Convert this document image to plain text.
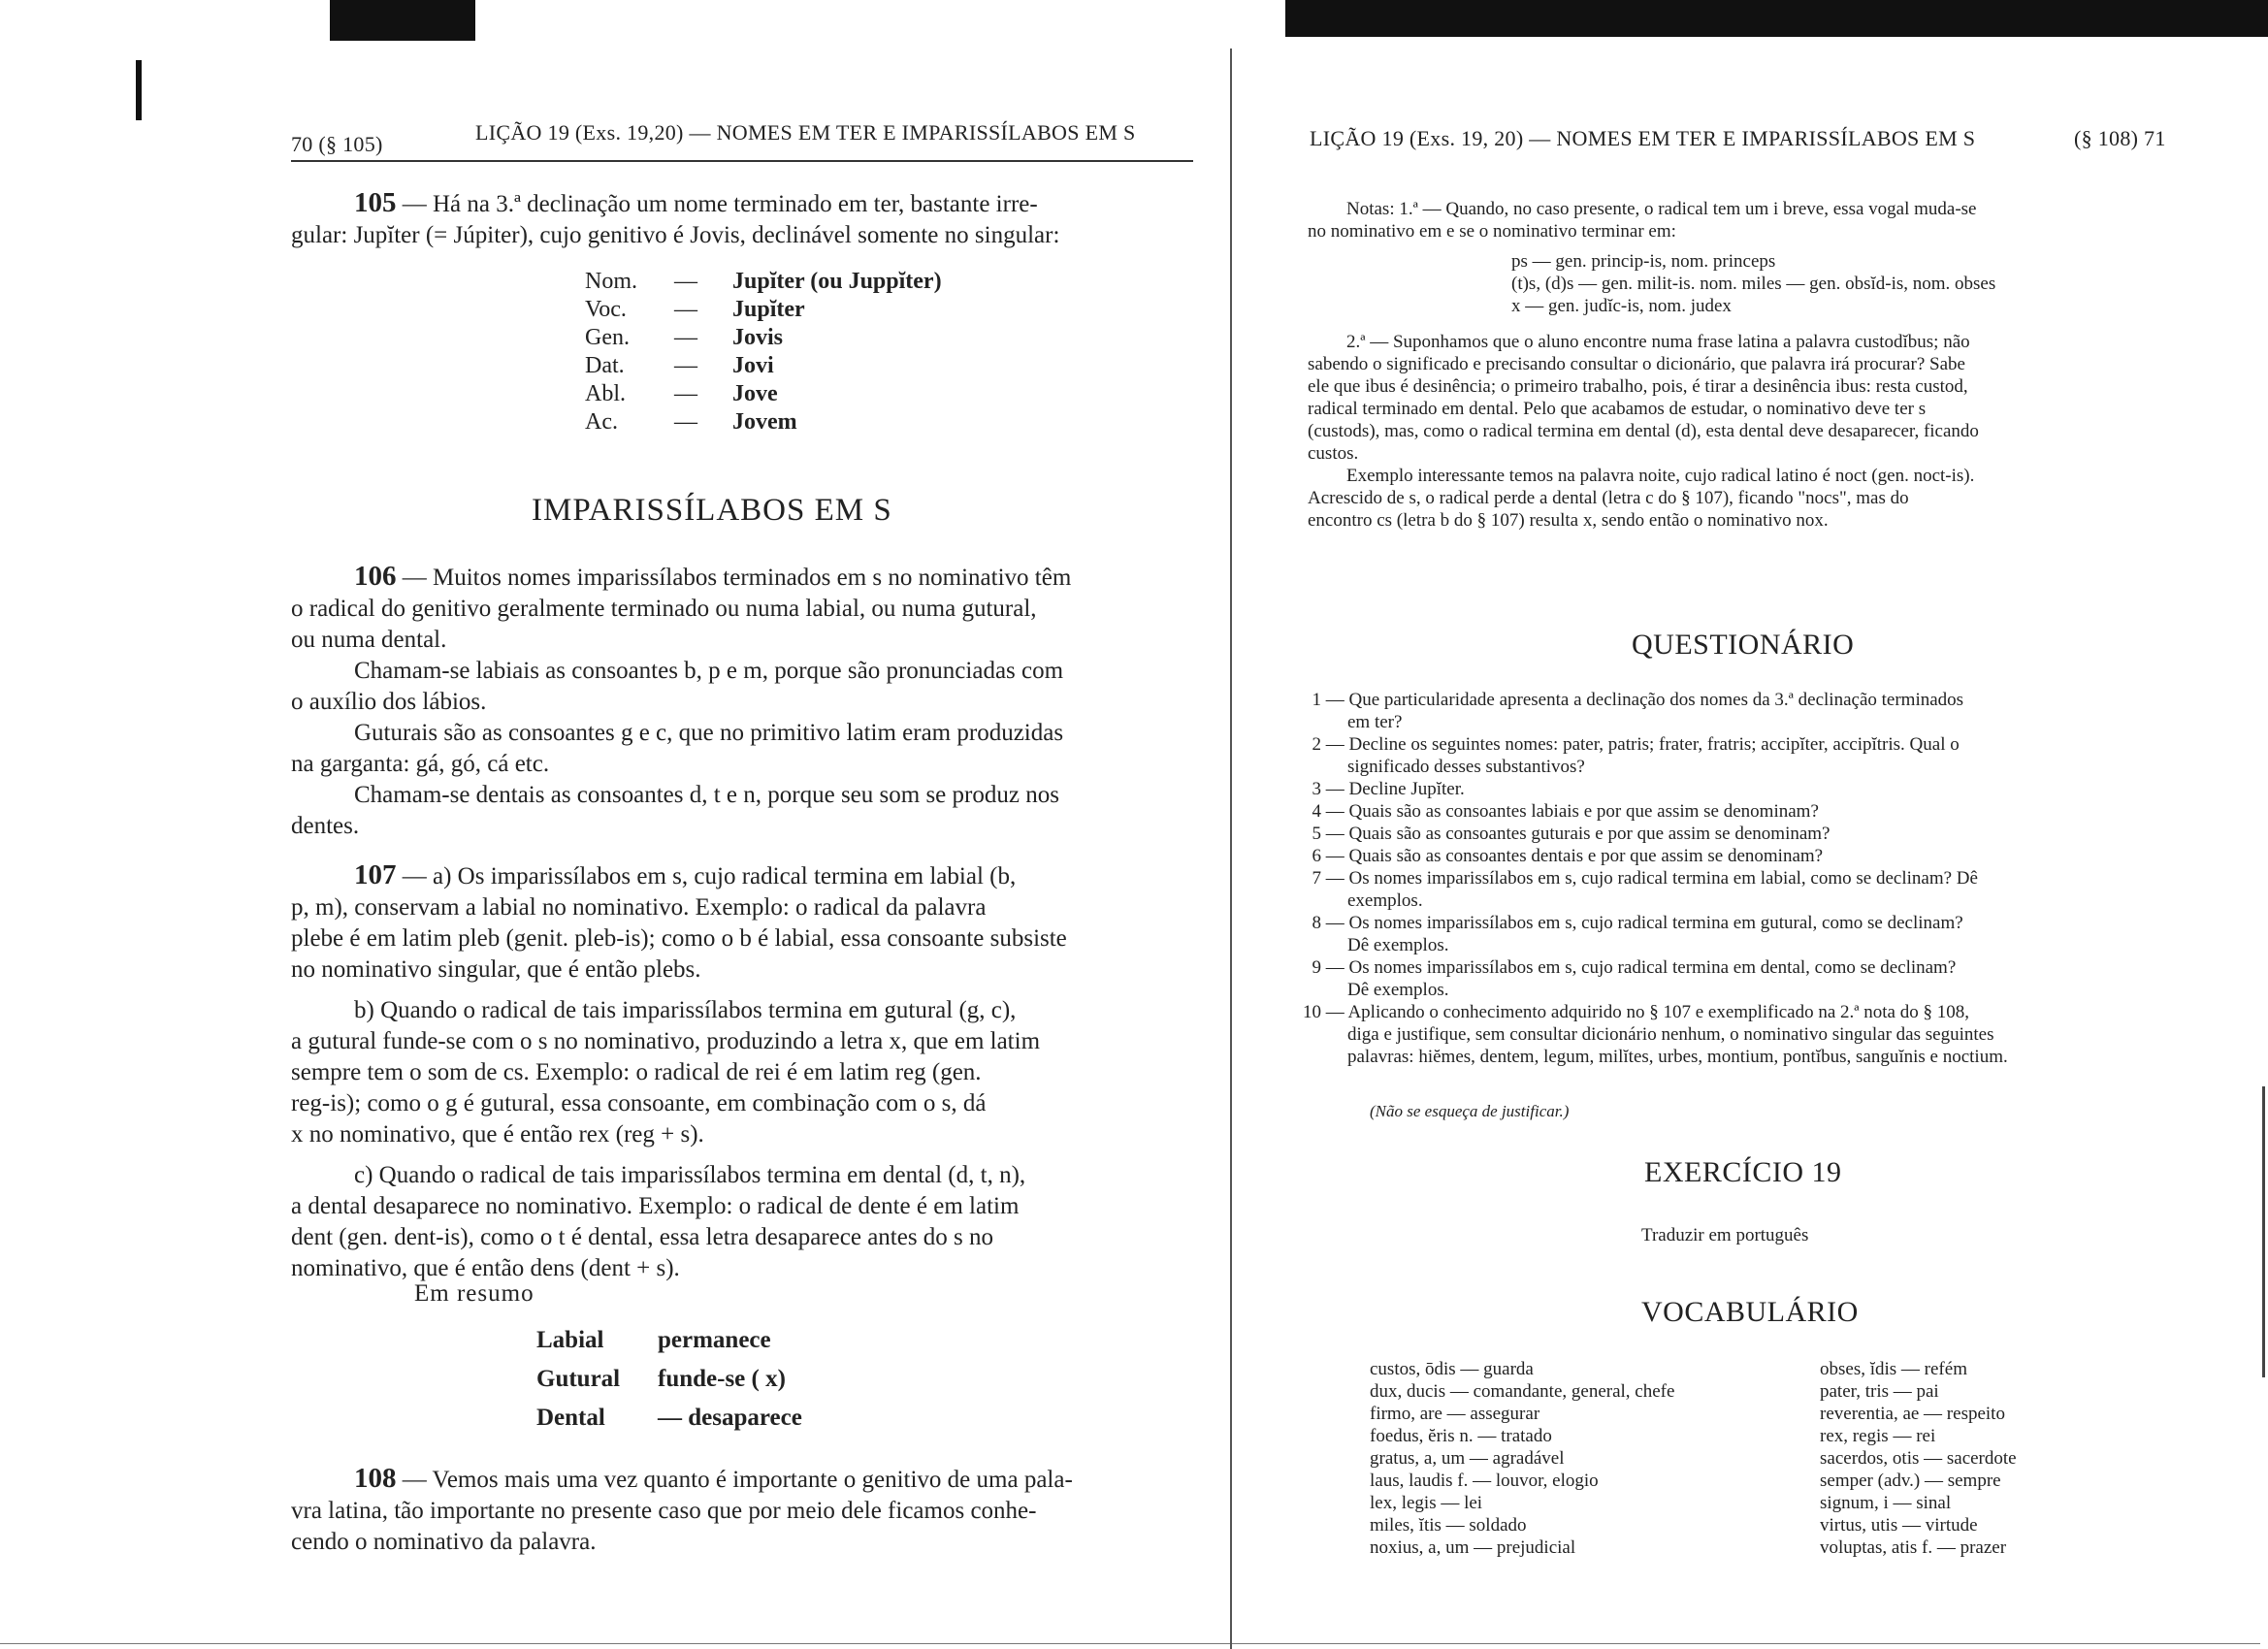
70 (§ 105)	LIÇÃO 19 (Exs. 19,20) — NOMES EM TER E IMPARISSÍLABOS EM S
105 — Há na 3.ª declinação um nome terminado em ter, bastante irre-
gular: Jupĭter (= Júpiter), cujo genitivo é Jovis, declinável somente no singular:
Nom. — Jupĭter (ou Juppĭter)
Voc. — Jupĭter
Gen. — Jovis
Dat. — Jovi
Abl. — Jove
Ac. — Jovem
IMPARISSÍLABOS EM S
106 — Muitos nomes imparissílabos terminados em s no nominativo têm
o radical do genitivo geralmente terminado ou numa labial, ou numa gutural,
ou numa dental.
Chamam-se labiais as consoantes b, p e m, porque são pronunciadas com
o auxílio dos lábios.
Guturais são as consoantes g e c, que no primitivo latim eram produzidas
na garganta: gá, gó, cá etc.
Chamam-se dentais as consoantes d, t e n, porque seu som se produz nos
dentes.
107 — a) Os imparissílabos em s, cujo radical termina em labial (b,
p, m), conservam a labial no nominativo. Exemplo: o radical da palavra
plebe é em latim pleb (genit. pleb-is); como o b é labial, essa consoante subsiste
no nominativo singular, que é então plebs.
b) Quando o radical de tais imparissílabos termina em gutural (g, c),
a gutural funde-se com o s no nominativo, produzindo a letra x, que em latim
sempre tem o som de cs. Exemplo: o radical de rei é em latim reg (gen.
reg-is); como o g é gutural, essa consoante, em combinação com o s, dá
x no nominativo, que é então rex (reg + s).
c) Quando o radical de tais imparissílabos termina em dental (d, t, n),
a dental desaparece no nominativo. Exemplo: o radical de dente é em latim
dent (gen. dent-is), como o t é dental, essa letra desaparece antes do s no
nominativo, que é então dens (dent + s).
Em resumo
Labial permanece
Gutural funde-se ( x)
Dental — desaparece
108 — Vemos mais uma vez quanto é importante o genitivo de uma pala-
vra latina, tão importante no presente caso que por meio dele ficamos conhe-
cendo o nominativo da palavra.
LIÇÃO 19 (Exs. 19, 20) — NOMES EM TER E IMPARISSÍLABOS EM S	(§ 108) 71
Notas: 1.ª — Quando, no caso presente, o radical tem um i breve, essa vogal muda-se
no nominativo em e se o nominativo terminar em:
ps — gen. princip-is, nom. princeps
(t)s, (d)s — gen. milit-is. nom. miles — gen. obsĭd-is, nom. obses
x — gen. judĭc-is, nom. judex
2.ª — Suponhamos que o aluno encontre numa frase latina a palavra custodĭbus; não
sabendo o significado e precisando consultar o dicionário, que palavra irá procurar? Sabe
ele que ibus é desinência; o primeiro trabalho, pois, é tirar a desinência ibus: resta custod,
radical terminado em dental. Pelo que acabamos de estudar, o nominativo deve ter s
(custods), mas, como o radical termina em dental (d), esta dental deve desaparecer, ficando
custos.
Exemplo interessante temos na palavra noite, cujo radical latino é noct (gen. noct-is).
Acrescido de s, o radical perde a dental (letra c do § 107), ficando "nocs", mas do
encontro cs (letra b do § 107) resulta x, sendo então o nominativo nox.
QUESTIONÁRIO
1 — Que particularidade apresenta a declinação dos nomes da 3.ª declinação terminados
em ter?
2 — Decline os seguintes nomes: pater, patris; frater, fratris; accipĭter, accipĭtris. Qual o
significado desses substantivos?
3 — Decline Jupĭter.
4 — Quais são as consoantes labiais e por que assim se denominam?
5 — Quais são as consoantes guturais e por que assim se denominam?
6 — Quais são as consoantes dentais e por que assim se denominam?
7 — Os nomes imparissílabos em s, cujo radical termina em labial, como se declinam? Dê
exemplos.
8 — Os nomes imparissílabos em s, cujo radical termina em gutural, como se declinam?
Dê exemplos.
9 — Os nomes imparissílabos em s, cujo radical termina em dental, como se declinam?
Dê exemplos.
10 — Aplicando o conhecimento adquirido no § 107 e exemplificado na 2.ª nota do § 108,
diga e justifique, sem consultar dicionário nenhum, o nominativo singular das seguintes
palavras: hiĕmes, dentem, legum, milĭtes, urbes, montium, pontĭbus, sanguĭnis e noctium.
(Não se esqueça de justificar.)
EXERCÍCIO 19
Traduzir em português
VOCABULÁRIO
custos, ōdis — guarda
dux, ducis — comandante, general, chefe
firmo, are — assegurar
foedus, ĕris n. — tratado
gratus, a, um — agradável
laus, laudis f. — louvor, elogio
lex, legis — lei
miles, ĭtis — soldado
noxius, a, um — prejudicial
obses, ĭdis — refém
pater, tris — pai
reverentia, ae — respeito
rex, regis — rei
sacerdos, otis — sacerdote
semper (adv.) — sempre
signum, i — sinal
virtus, utis — virtude
voluptas, atis f. — prazer
